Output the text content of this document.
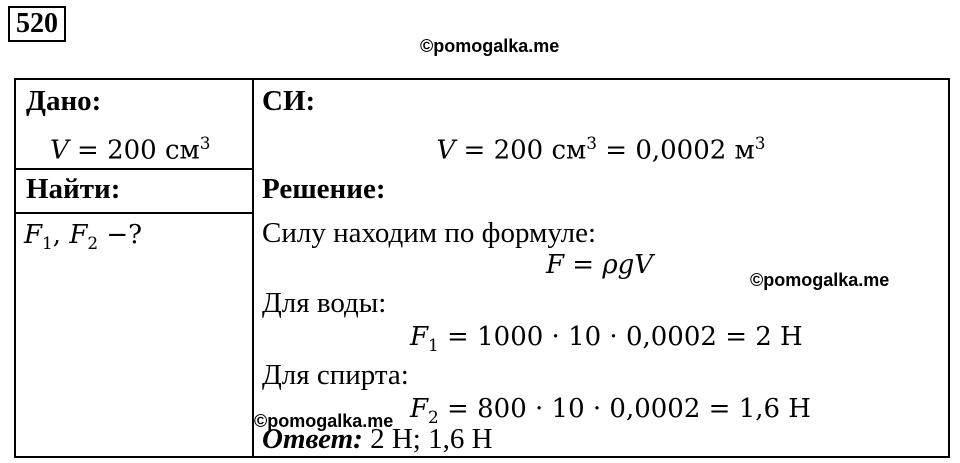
520
©pomogalka.me
Дано:
V = 200 $см^3$
Найти:
$F_1$, $F_2$ −?
СИ:
V = 200 $см^3 = 0,0002$ $м^3$
Решение:
Силу находим по формуле:
F = ρgV
Для воды:
$F_1 = 1000 \cdot 10 \cdot 0,0002 = 2$ Н
Для спирта:
$F_2 = 800 \cdot 10 \cdot 0,0002 = 1,6$ Н
Ответ: 2 Н; 1,6 Н
©pomogalka.me
©pomogalka.me
